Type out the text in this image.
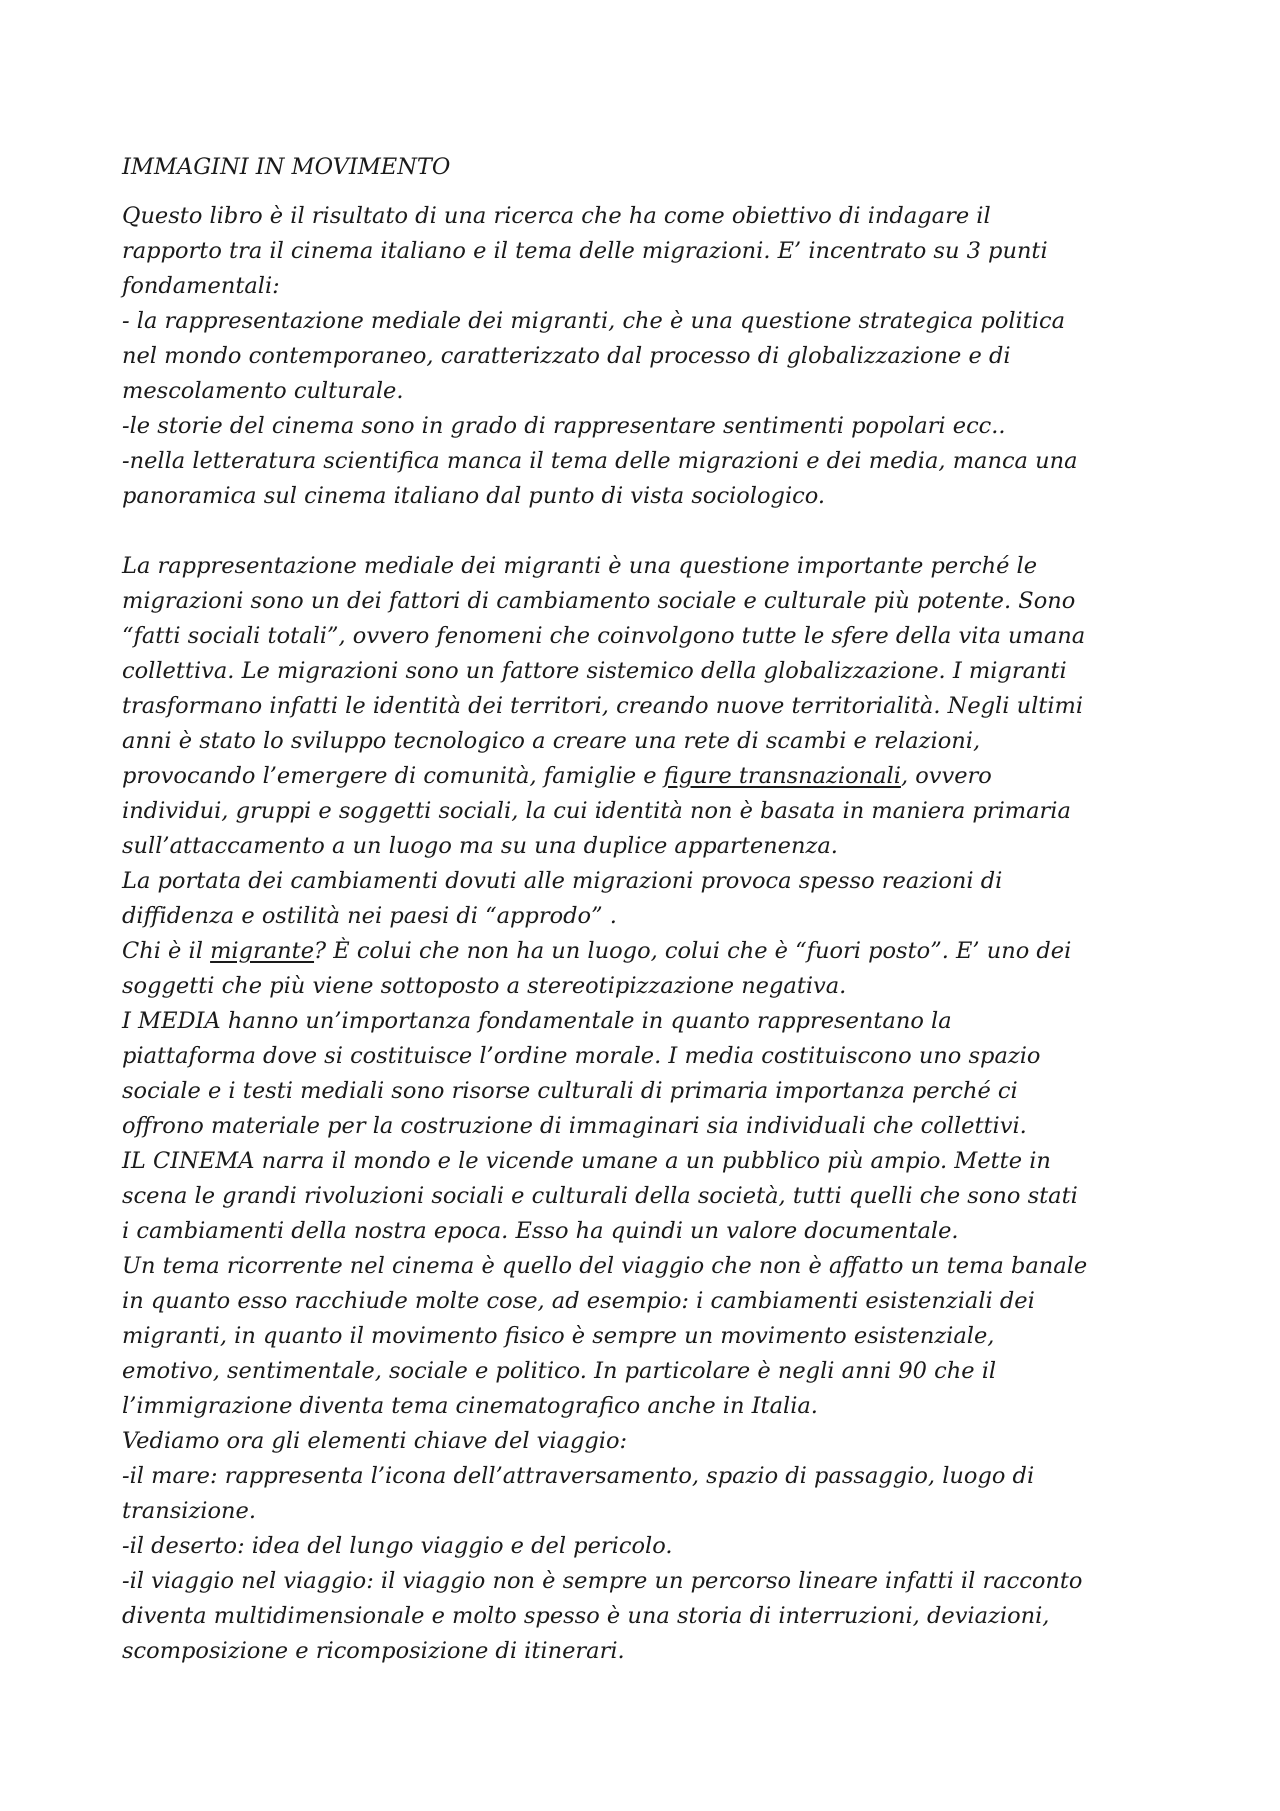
IMMAGINI IN MOVIMENTO
Questo libro è il risultato di una ricerca che ha come obiettivo di indagare il
rapporto tra il cinema italiano e il tema delle migrazioni. E’ incentrato su 3 punti
fondamentali:
- la rappresentazione mediale dei migranti, che è una questione strategica politica
nel mondo contemporaneo, caratterizzato dal processo di globalizzazione e di
mescolamento culturale.
-le storie del cinema sono in grado di rappresentare sentimenti popolari ecc..
-nella letteratura scientifica manca il tema delle migrazioni e dei media, manca una
panoramica sul cinema italiano dal punto di vista sociologico.
La rappresentazione mediale dei migranti è una questione importante perché le
migrazioni sono un dei fattori di cambiamento sociale e culturale più potente. Sono
“fatti sociali totali”, ovvero fenomeni che coinvolgono tutte le sfere della vita umana
collettiva. Le migrazioni sono un fattore sistemico della globalizzazione. I migranti
trasformano infatti le identità dei territori, creando nuove territorialità. Negli ultimi
anni è stato lo sviluppo tecnologico a creare una rete di scambi e relazioni,
provocando l’emergere di comunità, famiglie e figure transnazionali, ovvero
individui, gruppi e soggetti sociali, la cui identità non è basata in maniera primaria
sull’attaccamento a un luogo ma su una duplice appartenenza.
La portata dei cambiamenti dovuti alle migrazioni provoca spesso reazioni di
diffidenza e ostilità nei paesi di “approdo” .
Chi è il migrante? È colui che non ha un luogo, colui che è “fuori posto”. E’ uno dei
soggetti che più viene sottoposto a stereotipizzazione negativa.
I MEDIA hanno un’importanza fondamentale in quanto rappresentano la
piattaforma dove si costituisce l’ordine morale. I media costituiscono uno spazio
sociale e i testi mediali sono risorse culturali di primaria importanza perché ci
offrono materiale per la costruzione di immaginari sia individuali che collettivi.
IL CINEMA narra il mondo e le vicende umane a un pubblico più ampio. Mette in
scena le grandi rivoluzioni sociali e culturali della società, tutti quelli che sono stati
i cambiamenti della nostra epoca. Esso ha quindi un valore documentale.
Un tema ricorrente nel cinema è quello del viaggio che non è affatto un tema banale
in quanto esso racchiude molte cose, ad esempio: i cambiamenti esistenziali dei
migranti, in quanto il movimento fisico è sempre un movimento esistenziale,
emotivo, sentimentale, sociale e politico. In particolare è negli anni 90 che il
l’immigrazione diventa tema cinematografico anche in Italia.
Vediamo ora gli elementi chiave del viaggio:
-il mare: rappresenta l’icona dell’attraversamento, spazio di passaggio, luogo di
transizione.
-il deserto: idea del lungo viaggio e del pericolo.
-il viaggio nel viaggio: il viaggio non è sempre un percorso lineare infatti il racconto
diventa multidimensionale e molto spesso è una storia di interruzioni, deviazioni,
scomposizione e ricomposizione di itinerari.
